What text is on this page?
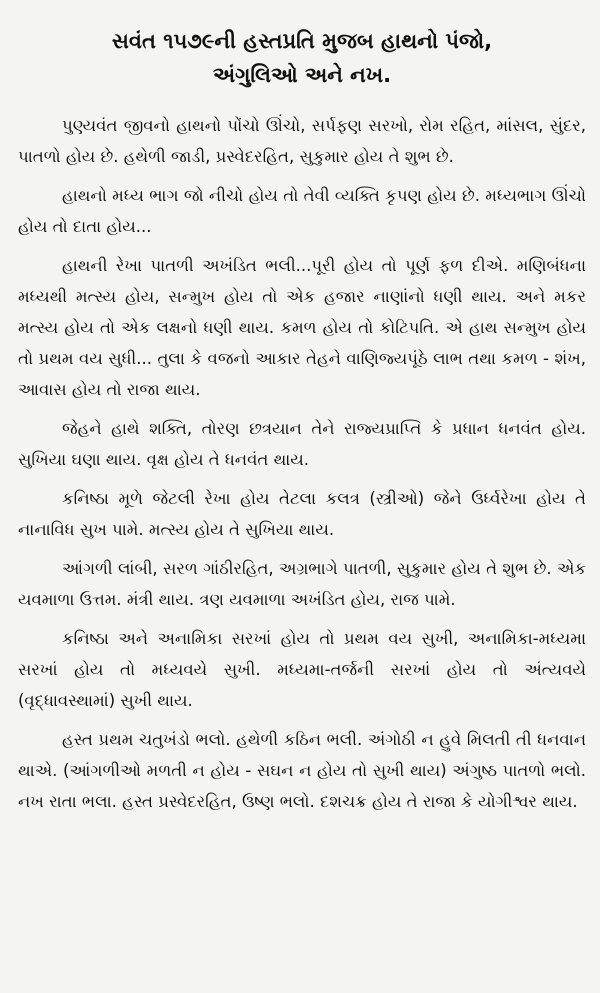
સવંત ૧૫૭૯ની હસ્તપ્રતિ મુજબ હાથનો પંજો,
અંગુલિઓ અને નખ.

પુણ્યવંત જીવનો હાથનો પોંચો ઊંચો, સર્પફણ સરખો, રોમ રહિત, માંસલ, સુંદર, પાતળો હોય છે. હથેળી જાડી, પ્રસ્વેદરહિત, સુકુમાર હોય તે શુભ છે.

હાથનો મધ્ય ભાગ જો નીચો હોય તો તેવી વ્યક્તિ કૃપણ હોય છે. મધ્યભાગ ઊંચો હોય તો દાતા હોય...

હાથની રેખા પાતળી અખંડિત ભલી...પૂરી હોય તો પૂર્ણ ફળ દીએ. મણિબંધના મધ્યથી મત્સ્ય હોય, સન્મુખ હોય તો એક હજાર નાણાંનો ધણી થાય. અને મકર મત્સ્ય હોય તો એક લક્ષનો ધણી થાય. કમળ હોય તો કોટિપતિ. એ હાથ સન્મુખ હોય તો પ્રથમ વય સુધી... તુલા કે વજનો આકાર તેહને વાણિજ્યપૂંઠે લાભ તથા કમળ - શંખ, આવાસ હોય તો રાજા થાય.

જેહને હાથે શક્તિ, તોરણ છત્રયાન તેને રાજ્યપ્રાપ્તિ કે પ્રધાન ધનવંત હોય. સુખિયા ઘણા થાય. વૃક્ષ હોય તે ધનવંત થાય.

કનિષ્ઠા મૂળે જેટલી રેખા હોય તેટલા કલત્ર (સ્ત્રીઓ) જેને ઉર્ધ્વરેખા હોય તે નાનાવિધ સુખ પામે. મત્સ્ય હોય તે સુખિયા થાય.

આંગળી લાંબી, સરળ ગાંઠીરહિત, અગ્રભાગે પાતળી, સુકુમાર હોય તે શુભ છે. એક યવમાળા ઉત્તમ. મંત્રી થાય. ત્રણ યવમાળા અખંડિત હોય, રાજ પામે.

કનિષ્ઠા અને અનામિકા સરખાં હોય તો પ્રથમ વય સુખી, અનામિકા-મધ્યમા સરખાં હોય તો મધ્યવયે સુખી. મધ્યમા-તર્જની સરખાં હોય તો અંત્યવયે (વૃદ્ધાવસ્થામાં) સુખી થાય.

હસ્ત પ્રથમ ચતુખંડો ભલો. હથેળી કઠિન ભલી. અંગોઠી ન હુવે મિલતી તી ધનવાન થાએ. (આંગળીઓ મળતી ન હોય - સઘન ન હોય તો સુખી થાય) અંગુષ્ઠ પાતળો ભલો. નખ રાતા ભલા. હસ્ત પ્રસ્વેદરહિત, ઉષ્ણ ભલો. દશચક્ર હોય તે રાજા કે યોગીશ્વર થાય.
